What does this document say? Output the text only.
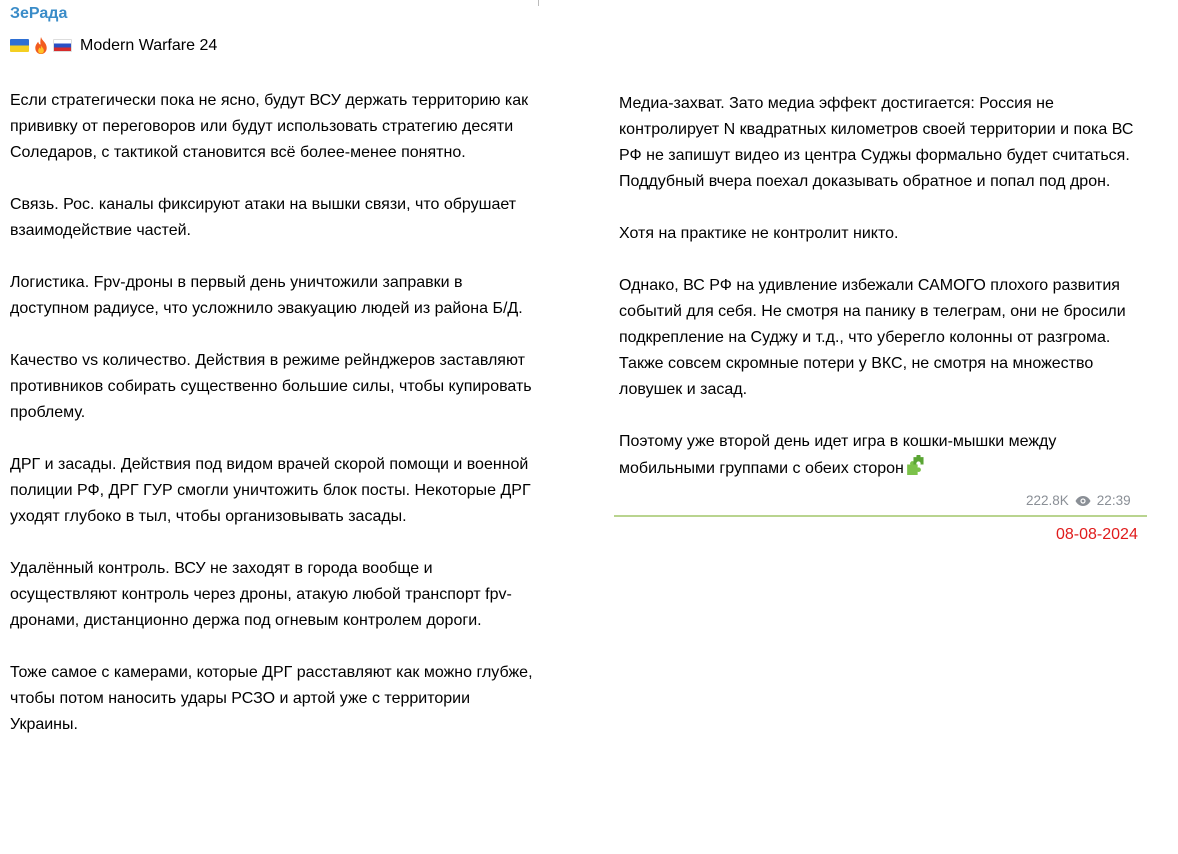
ЗеРада
Modern Warfare 24

Если стратегически пока не ясно, будут ВСУ держать территорию как прививку от переговоров или будут использовать стратегию десяти Соледаров, с тактикой становится всё более-менее понятно.

Связь. Рос. каналы фиксируют атаки на вышки связи, что обрушает взаимодействие частей.

Логистика. Fpv-дроны в первый день уничтожили заправки в доступном радиусе, что усложнило эвакуацию людей из района Б/Д.

Качество vs количество. Действия в режиме рейнджеров заставляют противников собирать существенно большие силы, чтобы купировать проблему.

ДРГ и засады. Действия под видом врачей скорой помощи и военной полиции РФ, ДРГ ГУР смогли уничтожить блок посты. Некоторые ДРГ уходят глубоко в тыл, чтобы организовывать засады.

Удалённый контроль. ВСУ не заходят в города вообще и осуществляют контроль через дроны, атакую любой транспорт fpv-дронами, дистанционно держа под огневым контролем дороги.

Тоже самое с камерами, которые ДРГ расставляют как можно глубже, чтобы потом наносить удары РСЗО и артой уже с территории Украины.

Медиа-захват. Зато медиа эффект достигается: Россия не контролирует N квадратных километров своей территории и пока ВС РФ не запишут видео из центра Суджы формально будет считаться. Поддубный вчера поехал доказывать обратное и попал под дрон.

Хотя на практике не контролит никто.

Однако, ВС РФ на удивление избежали САМОГО плохого развития событий для себя. Не смотря на панику в телеграм, они не бросили подкрепление на Суджу и т.д., что уберегло колонны от разгрома. Также совсем скромные потери у ВКС, не смотря на множество ловушек и засад.

Поэтому уже второй день идет игра в кошки-мышки между мобильными группами с обеих сторон

222.8K 22:39
08-08-2024
